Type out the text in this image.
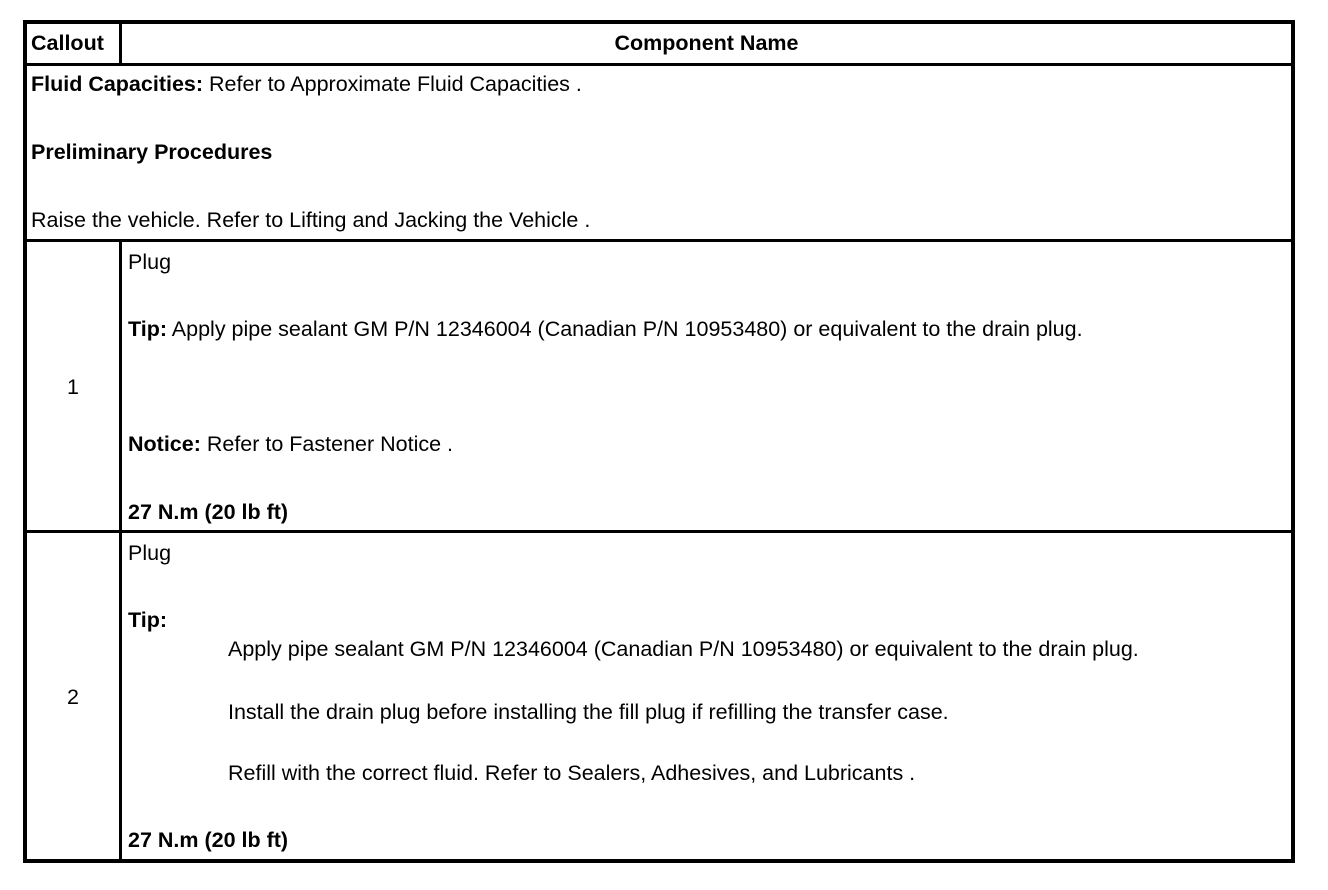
Callout	Component Name
Fluid Capacities: Refer to Approximate Fluid Capacities .
Preliminary Procedures
Raise the vehicle. Refer to Lifting and Jacking the Vehicle .
1
Plug
Tip: Apply pipe sealant GM P/N 12346004 (Canadian P/N 10953480) or equivalent to the drain plug.
Notice: Refer to Fastener Notice .
27 N.m (20 lb ft)
2
Plug
Tip:
Apply pipe sealant GM P/N 12346004 (Canadian P/N 10953480) or equivalent to the drain plug.
Install the drain plug before installing the fill plug if refilling the transfer case.
Refill with the correct fluid. Refer to Sealers, Adhesives, and Lubricants .
27 N.m (20 lb ft)
